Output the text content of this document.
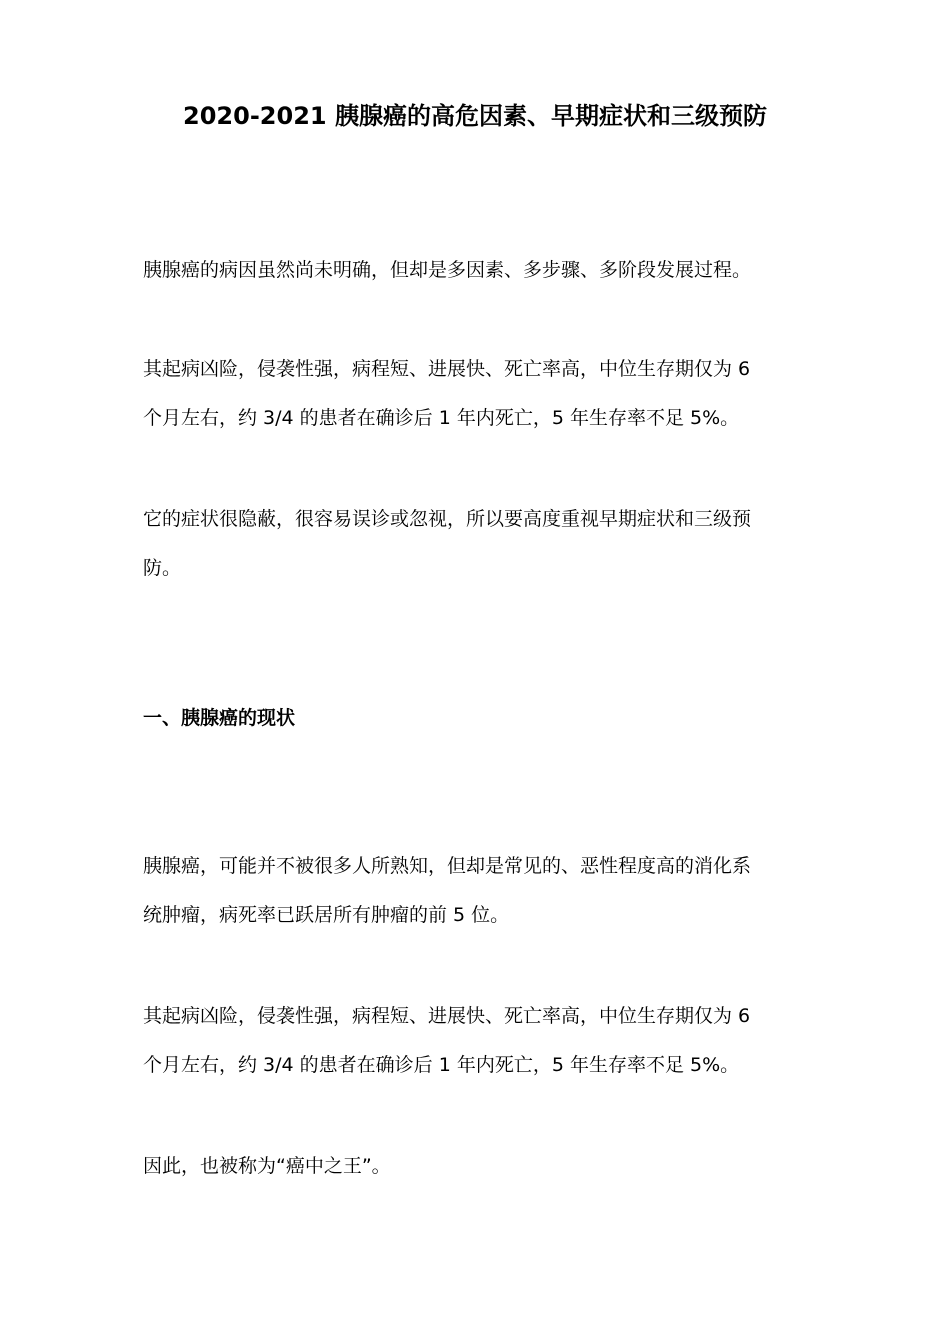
2020-2021 胰腺癌的高危因素、早期症状和三级预防
胰腺癌的病因虽然尚未明确，但却是多因素、多步骤、多阶段发展过程。
其起病凶险，侵袭性强，病程短、进展快、死亡率高，中位生存期仅为 6
个月左右，约 3/4 的患者在确诊后 1 年内死亡，5 年生存率不足 5%。
它的症状很隐蔽，很容易误诊或忽视，所以要高度重视早期症状和三级预
防。
一、胰腺癌的现状
胰腺癌，可能并不被很多人所熟知，但却是常见的、恶性程度高的消化系
统肿瘤，病死率已跃居所有肿瘤的前 5 位。
其起病凶险，侵袭性强，病程短、进展快、死亡率高，中位生存期仅为 6
个月左右，约 3/4 的患者在确诊后 1 年内死亡，5 年生存率不足 5%。
因此，也被称为“癌中之王”。
